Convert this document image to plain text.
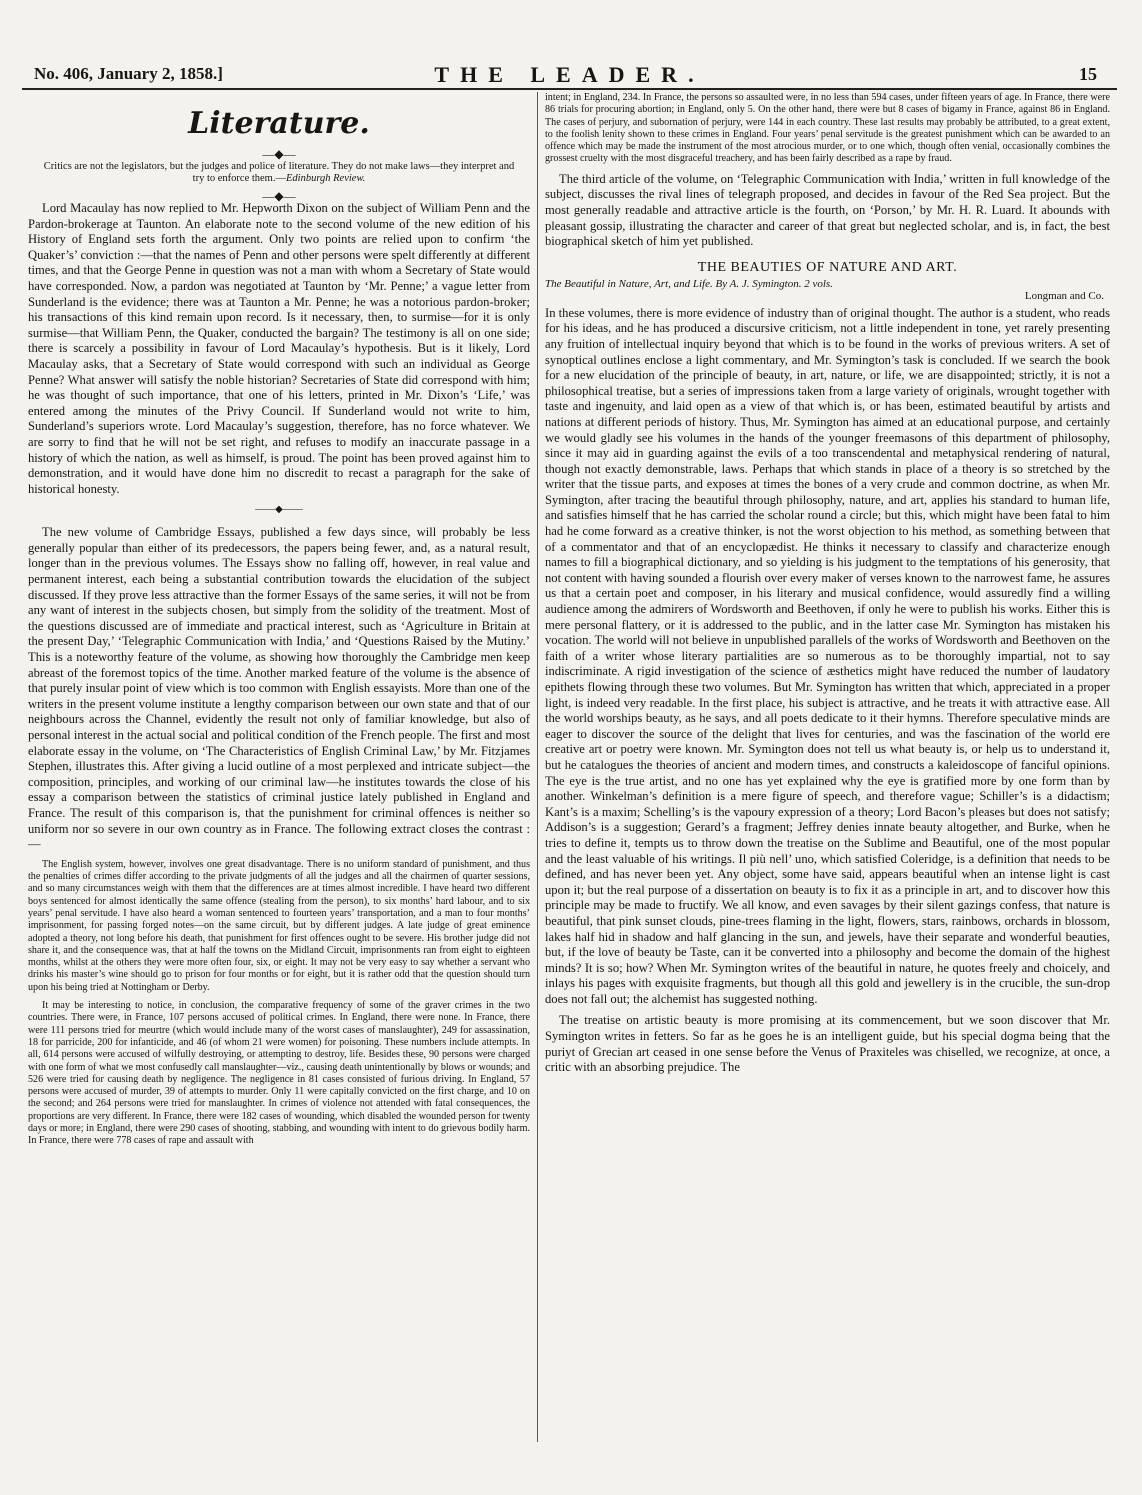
No. 406, January 2, 1858.]	THE LEADER.	15
Literature.
—◆—
Critics are not the legislators, but the judges and police of literature. They do not make laws—they interpret and try to enforce them.—Edinburgh Review.
—◆—

Lord Macaulay has now replied to Mr. Hepworth Dixon on the subject of William Penn and the Pardon-brokerage at Taunton. An elaborate note to the second volume of the new edition of his History of England sets forth the argument. Only two points are relied upon to confirm ‘the Quaker’s’ conviction :—that the names of Penn and other persons were spelt differently at different times, and that the George Penne in question was not a man with whom a Secretary of State would have corresponded. Now, a pardon was negotiated at Taunton by ‘Mr. Penne;’ a vague letter from Sunderland is the evidence; there was at Taunton a Mr. Penne; he was a notorious pardon-broker; his transactions of this kind remain upon record. Is it necessary, then, to surmise—for it is only surmise—that William Penn, the Quaker, conducted the bargain? The testimony is all on one side; there is scarcely a possibility in favour of Lord Macaulay’s hypothesis. But is it likely, Lord Macaulay asks, that a Secretary of State would correspond with such an individual as George Penne? What answer will satisfy the noble historian? Secretaries of State did correspond with him; he was thought of such importance, that one of his letters, printed in Mr. Dixon’s ‘Life,’ was entered among the minutes of the Privy Council. If Sunderland would not write to him, Sunderland’s superiors wrote. Lord Macaulay’s suggestion, therefore, has no force whatever. We are sorry to find that he will not be set right, and refuses to modify an inaccurate passage in a history of which the nation, as well as himself, is proud. The point has been proved against him to demonstration, and it would have done him no discredit to recast a paragraph for the sake of historical honesty.

——◆——

The new volume of Cambridge Essays, published a few days since, will probably be less generally popular than either of its predecessors, the papers being fewer, and, as a natural result, longer than in the previous volumes. The Essays show no falling off, however, in real value and permanent interest, each being a substantial contribution towards the elucidation of the subject discussed. If they prove less attractive than the former Essays of the same series, it will not be from any want of interest in the subjects chosen, but simply from the solidity of the treatment. Most of the questions discussed are of immediate and practical interest, such as ‘Agriculture in Britain at the present Day,’ ‘Telegraphic Communication with India,’ and ‘Questions Raised by the Mutiny.’ This is a noteworthy feature of the volume, as showing how thoroughly the Cambridge men keep abreast of the foremost topics of the time. Another marked feature of the volume is the absence of that purely insular point of view which is too common with English essayists. More than one of the writers in the present volume institute a lengthy comparison between our own state and that of our neighbours across the Channel, evidently the result not only of familiar knowledge, but also of personal interest in the actual social and political condition of the French people. The first and most elaborate essay in the volume, on ‘The Characteristics of English Criminal Law,’ by Mr. Fitzjames Stephen, illustrates this. After giving a lucid outline of a most perplexed and intricate subject—the composition, principles, and working of our criminal law—he institutes towards the close of his essay a comparison between the statistics of criminal justice lately published in England and France. The result of this comparison is, that the punishment for criminal offences is neither so uniform nor so severe in our own country as in France. The following extract closes the contrast :—

The English system, however, involves one great disadvantage. There is no uniform standard of punishment, and thus the penalties of crimes differ according to the private judgments of all the judges and all the chairmen of quarter sessions, and so many circumstances weigh with them that the differences are at times almost incredible. I have heard two different boys sentenced for almost identically the same offence (stealing from the person), to six months’ hard labour, and to six years’ penal servitude. I have also heard a woman sentenced to fourteen years’ transportation, and a man to four months’ imprisonment, for passing forged notes—on the same circuit, but by different judges. A late judge of great eminence adopted a theory, not long before his death, that punishment for first offences ought to be severe. His brother judge did not share it, and the consequence was, that at half the towns on the Midland Circuit, imprisonments ran from eight to eighteen months, whilst at the others they were more often four, six, or eight. It may not be very easy to say whether a servant who drinks his master’s wine should go to prison for four months or for eight, but it is rather odd that the question should turn upon his being tried at Nottingham or Derby.

It may be interesting to notice, in conclusion, the comparative frequency of some of the graver crimes in the two countries. There were, in France, 107 persons accused of political crimes. In England, there were none. In France, there were 111 persons tried for meurtre (which would include many of the worst cases of manslaughter), 249 for assassination, 18 for parricide, 200 for infanticide, and 46 (of whom 21 were women) for poisoning. These numbers include attempts. In all, 614 persons were accused of wilfully destroying, or attempting to destroy, life. Besides these, 90 persons were charged with one form of what we most confusedly call manslaughter—viz., causing death unintentionally by blows or wounds; and 526 were tried for causing death by negligence. The negligence in 81 cases consisted of furious driving. In England, 57 persons were accused of murder, 39 of attempts to murder. Only 11 were capitally convicted on the first charge, and 10 on the second; and 264 persons were tried for manslaughter. In crimes of violence not attended with fatal consequences, the proportions are very different. In France, there were 182 cases of wounding, which disabled the wounded person for twenty days or more; in England, there were 290 cases of shooting, stabbing, and wounding with intent to do grievous bodily harm. In France, there were 778 cases of rape and assault with

intent; in England, 234. In France, the persons so assaulted were, in no less than 594 cases, under fifteen years of age. In France, there were 86 trials for procuring abortion; in England, only 5. On the other hand, there were but 8 cases of bigamy in France, against 86 in England. The cases of perjury, and subornation of perjury, were 144 in each country. These last results may probably be attributed, to a great extent, to the foolish lenity shown to these crimes in England. Four years’ penal servitude is the greatest punishment which can be awarded to an offence which may be made the instrument of the most atrocious murder, or to one which, though often venial, occasionally combines the grossest cruelty with the most disgraceful treachery, and has been fairly described as a rape by fraud.

The third article of the volume, on ‘Telegraphic Communication with India,’ written in full knowledge of the subject, discusses the rival lines of telegraph proposed, and decides in favour of the Red Sea project. But the most generally readable and attractive article is the fourth, on ‘Porson,’ by Mr. H. R. Luard. It abounds with pleasant gossip, illustrating the character and career of that great but neglected scholar, and is, in fact, the best biographical sketch of him yet published.

THE BEAUTIES OF NATURE AND ART.
The Beautiful in Nature, Art, and Life. By A. J. Symington. 2 vols.
Longman and Co.

In these volumes, there is more evidence of industry than of original thought. The author is a student, who reads for his ideas, and he has produced a discursive criticism, not a little independent in tone, yet rarely presenting any fruition of intellectual inquiry beyond that which is to be found in the works of previous writers. A set of synoptical outlines enclose a light commentary, and Mr. Symington’s task is concluded. If we search the book for a new elucidation of the principle of beauty, in art, nature, or life, we are disappointed; strictly, it is not a philosophical treatise, but a series of impressions taken from a large variety of originals, wrought together with taste and ingenuity, and laid open as a view of that which is, or has been, estimated beautiful by artists and nations at different periods of history. Thus, Mr. Symington has aimed at an educational purpose, and certainly we would gladly see his volumes in the hands of the younger freemasons of this department of philosophy, since it may aid in guarding against the evils of a too transcendental and metaphysical rendering of natural, though not exactly demonstrable, laws. Perhaps that which stands in place of a theory is so stretched by the writer that the tissue parts, and exposes at times the bones of a very crude and common doctrine, as when Mr. Symington, after tracing the beautiful through philosophy, nature, and art, applies his standard to human life, and satisfies himself that he has carried the scholar round a circle; but this, which might have been fatal to him had he come forward as a creative thinker, is not the worst objection to his method, as something between that of a commentator and that of an encyclopædist. He thinks it necessary to classify and characterize enough names to fill a biographical dictionary, and so yielding is his judgment to the temptations of his generosity, that not content with having sounded a flourish over every maker of verses known to the narrowest fame, he assures us that a certain poet and composer, in his literary and musical confidence, would assuredly find a willing audience among the admirers of Wordsworth and Beethoven, if only he were to publish his works. Either this is mere personal flattery, or it is addressed to the public, and in the latter case Mr. Symington has mistaken his vocation. The world will not believe in unpublished parallels of the works of Wordsworth and Beethoven on the faith of a writer whose literary partialities are so numerous as to be thoroughly impartial, not to say indiscriminate. A rigid investigation of the science of æsthetics might have reduced the number of laudatory epithets flowing through these two volumes. But Mr. Symington has written that which, appreciated in a proper light, is indeed very readable. In the first place, his subject is attractive, and he treats it with attractive ease. All the world worships beauty, as he says, and all poets dedicate to it their hymns. Therefore speculative minds are eager to discover the source of the delight that lives for centuries, and was the fascination of the world ere creative art or poetry were known. Mr. Symington does not tell us what beauty is, or help us to understand it, but he catalogues the theories of ancient and modern times, and constructs a kaleidoscope of fanciful opinions. The eye is the true artist, and no one has yet explained why the eye is gratified more by one form than by another. Winkelman’s definition is a mere figure of speech, and therefore vague; Schiller’s is a didactism; Kant’s is a maxim; Schelling’s is the vapoury expression of a theory; Lord Bacon’s pleases but does not satisfy; Addison’s is a suggestion; Gerard’s a fragment; Jeffrey denies innate beauty altogether, and Burke, when he tries to define it, tempts us to throw down the treatise on the Sublime and Beautiful, one of the most popular and the least valuable of his writings. Il più nell’ uno, which satisfied Coleridge, is a definition that needs to be defined, and has never been yet. Any object, some have said, appears beautiful when an intense light is cast upon it; but the real purpose of a dissertation on beauty is to fix it as a principle in art, and to discover how this principle may be made to fructify. We all know, and even savages by their silent gazings confess, that nature is beautiful, that pink sunset clouds, pine-trees flaming in the light, flowers, stars, rainbows, orchards in blossom, lakes half hid in shadow and half glancing in the sun, and jewels, have their separate and wonderful beauties, but, if the love of beauty be Taste, can it be converted into a philosophy and become the domain of the highest minds? It is so; how? When Mr. Symington writes of the beautiful in nature, he quotes freely and choicely, and inlays his pages with exquisite fragments, but though all this gold and jewellery is in the crucible, the sun-drop does not fall out; the alchemist has suggested nothing.

The treatise on artistic beauty is more promising at its commencement, but we soon discover that Mr. Symington writes in fetters. So far as he goes he is an intelligent guide, but his special dogma being that the puriyt of Grecian art ceased in one sense before the Venus of Praxiteles was chiselled, we recognize, at once, a critic with an absorbing prejudice. The
